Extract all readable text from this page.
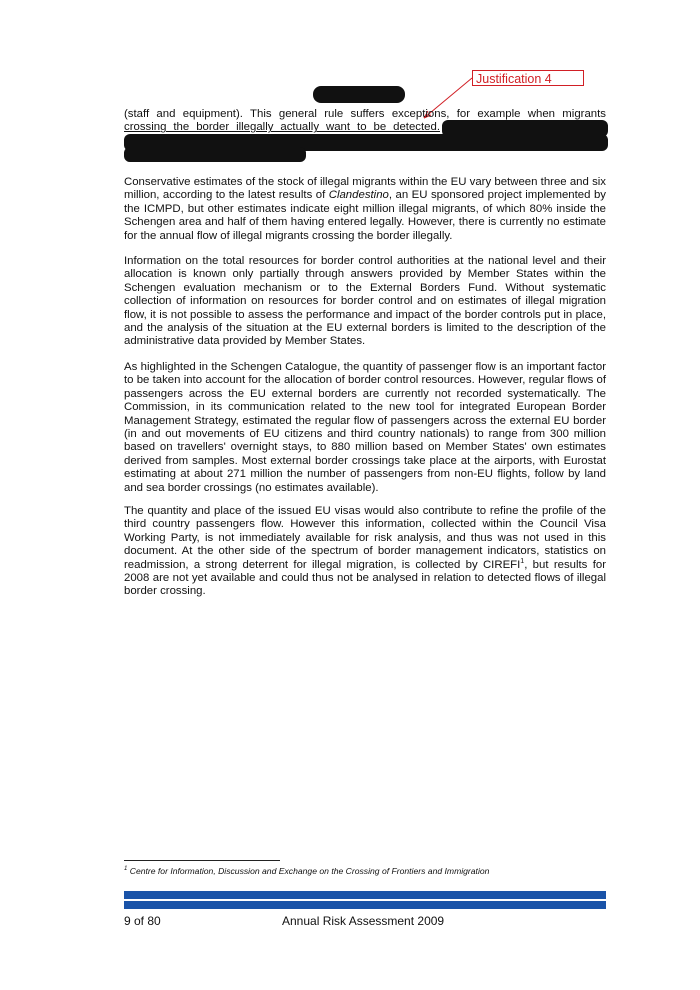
Justification 4

(staff and equipment). This general rule suffers exceptions, for example when migrants

crossing the border illegally actually want to be detected.

Conservative estimates of the stock of illegal migrants within the EU vary between three and six million, according to the latest results of Clandestino, an EU sponsored project implemented by the ICMPD, but other estimates indicate eight million illegal migrants, of which 80% inside the Schengen area and half of them having entered legally. However, there is currently no estimate for the annual flow of illegal migrants crossing the border illegally.

Information on the total resources for border control authorities at the national level and their allocation is known only partially through answers provided by Member States within the Schengen evaluation mechanism or to the External Borders Fund. Without systematic collection of information on resources for border control and on estimates of illegal migration flow, it is not possible to assess the performance and impact of the border controls put in place, and the analysis of the situation at the EU external borders is limited to the description of the administrative data provided by Member States.

As highlighted in the Schengen Catalogue, the quantity of passenger flow is an important factor to be taken into account for the allocation of border control resources. However, regular flows of passengers across the EU external borders are currently not recorded systematically. The Commission, in its communication related to the new tool for integrated European Border Management Strategy, estimated the regular flow of passengers across the external EU border (in and out movements of EU citizens and third country nationals) to range from 300 million based on travellers' overnight stays, to 880 million based on Member States' own estimates derived from samples. Most external border crossings take place at the airports, with Eurostat estimating at about 271 million the number of passengers from non-EU flights, follow by land and sea border crossings (no estimates available).

The quantity and place of the issued EU visas would also contribute to refine the profile of the third country passengers flow. However this information, collected within the Council Visa Working Party, is not immediately available for risk analysis, and thus was not used in this document. At the other side of the spectrum of border management indicators, statistics on readmission, a strong deterrent for illegal migration, is collected by CIREFI$^1$, but results for 2008 are not yet available and could thus not be analysed in relation to detected flows of illegal border crossing.

$^1$ Centre for Information, Discussion and Exchange on the Crossing of Frontiers and Immigration
9 of 80	Annual Risk Assessment 2009
